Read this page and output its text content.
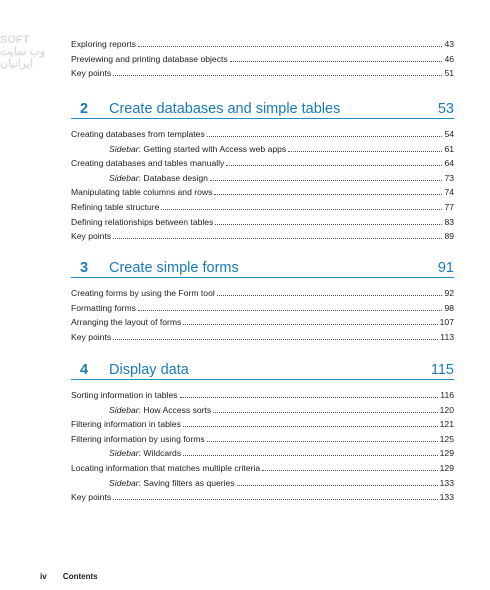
SOFT
وب سایت ایرانیان
Exploring reports	43
Previewing and printing database objects	46
Key points	51
2	Create databases and simple tables	53
Creating databases from templates	54
Sidebar: Getting started with Access web apps	61
Creating databases and tables manually	64
Sidebar: Database design	73
Manipulating table columns and rows	74
Refining table structure	77
Defining relationships between tables	83
Key points	89
3	Create simple forms	91
Creating forms by using the Form tool	92
Formatting forms	98
Arranging the layout of forms	107
Key points	113
4	Display data	115
Sorting information in tables	116
Sidebar: How Access sorts	120
Filtering information in tables	121
Filtering information by using forms	125
Sidebar: Wildcards	129
Locating information that matches multiple criteria	129
Sidebar: Saving filters as queries	133
Key points	133
iv Contents
